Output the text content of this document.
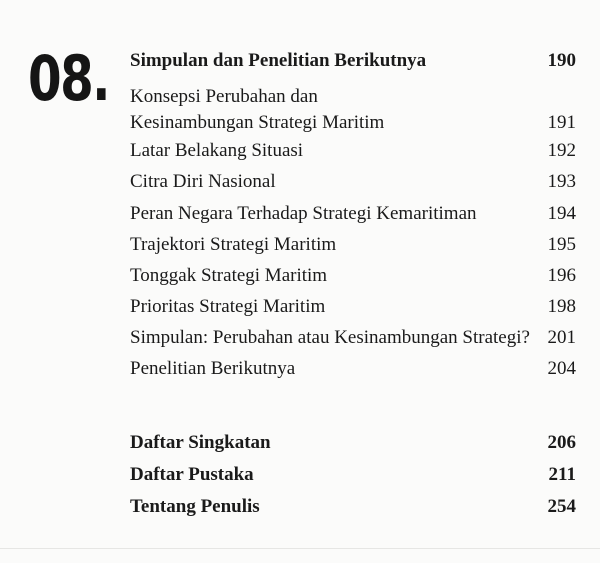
08. Simpulan dan Penelitian Berikutnya	190
Konsepsi Perubahan dan Kesinambungan Strategi Maritim	191
Latar Belakang Situasi	192
Citra Diri Nasional	193
Peran Negara Terhadap Strategi Kemaritiman	194
Trajektori Strategi Maritim	195
Tonggak Strategi Maritim	196
Prioritas Strategi Maritim	198
Simpulan: Perubahan atau Kesinambungan Strategi? 201
Penelitian Berikutnya	204
Daftar Singkatan	206
Daftar Pustaka	211
Tentang Penulis	254
